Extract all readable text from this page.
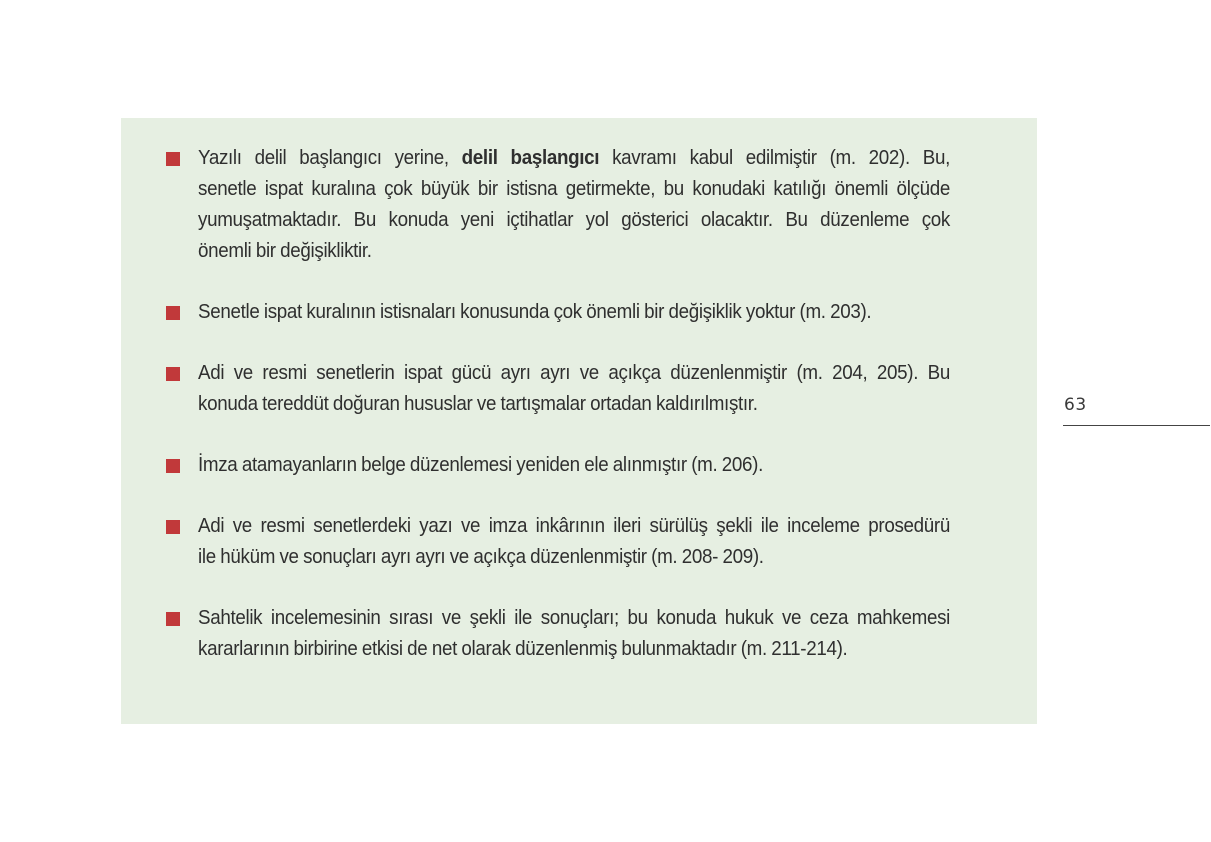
Yazılı delil başlangıcı yerine, delil başlangıcı kavramı kabul edilmiştir (m. 202). Bu,
senetle ispat kuralına çok büyük bir istisna getirmekte, bu konudaki katılığı önemli ölçüde
yumuşatmaktadır. Bu konuda yeni içtihatlar yol gösterici olacaktır. Bu düzenleme çok
önemli bir değişikliktir.
Senetle ispat kuralının istisnaları konusunda çok önemli bir değişiklik yoktur (m. 203).
Adi ve resmi senetlerin ispat gücü ayrı ayrı ve açıkça düzenlenmiştir (m. 204, 205). Bu
konuda tereddüt doğuran hususlar ve tartışmalar ortadan kaldırılmıştır.
İmza atamayanların belge düzenlemesi yeniden ele alınmıştır (m. 206).
Adi ve resmi senetlerdeki yazı ve imza inkârının ileri sürülüş şekli ile inceleme prosedürü
ile hüküm ve sonuçları ayrı ayrı ve açıkça düzenlenmiştir (m. 208- 209).
Sahtelik incelemesinin sırası ve şekli ile sonuçları; bu konuda hukuk ve ceza mahkemesi
kararlarının birbirine etkisi de net olarak düzenlenmiş bulunmaktadır (m. 211-214).
63
